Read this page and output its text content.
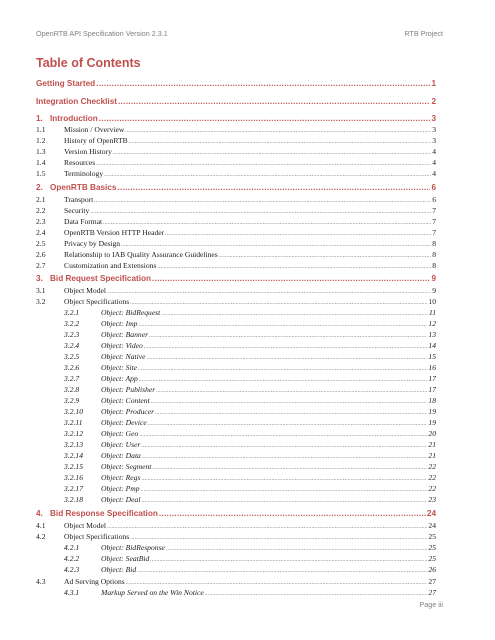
OpenRTB API Specification Version 2.3.1	RTB Project
Table of Contents
Getting Started .....	1
Integration Checklist .....	2
1. Introduction .....	3
1.1	Mission / Overview .....	3
1.2	History of OpenRTB .....	3
1.3	Version History .....	4
1.4	Resources .....	4
1.5	Terminology .....	4
2. OpenRTB Basics .....	6
2.1	Transport .....	6
2.2	Security .....	7
2.3	Data Format .....	7
2.4	OpenRTB Version HTTP Header .....	7
2.5	Privacy by Design .....	8
2.6	Relationship to IAB Quality Assurance Guidelines .....	8
2.7	Customization and Extensions .....	8
3. Bid Request Specification .....	9
3.1	Object Model .....	9
3.2	Object Specifications .....	10
3.2.1	Object: BidRequest .....	11
3.2.2	Object: Imp .....	12
3.2.3	Object: Banner .....	13
3.2.4	Object: Video .....	14
3.2.5	Object: Native .....	15
3.2.6	Object: Site .....	16
3.2.7	Object: App .....	17
3.2.8	Object: Publisher .....	17
3.2.9	Object: Content .....	18
3.2.10	Object: Producer .....	19
3.2.11	Object: Device .....	19
3.2.12	Object: Geo .....	20
3.2.13	Object: User .....	21
3.2.14	Object: Data .....	21
3.2.15	Object: Segment .....	22
3.2.16	Object: Regs .....	22
3.2.17	Object: Pmp .....	22
3.2.18	Object: Deal .....	23
4. Bid Response Specification .....	24
4.1	Object Model .....	24
4.2	Object Specifications .....	25
4.2.1	Object: BidResponse .....	25
4.2.2	Object: SeatBid .....	25
4.2.3	Object: Bid .....	26
4.3	Ad Serving Options .....	27
4.3.1	Markup Served on the Win Notice .....	27
Page iii
